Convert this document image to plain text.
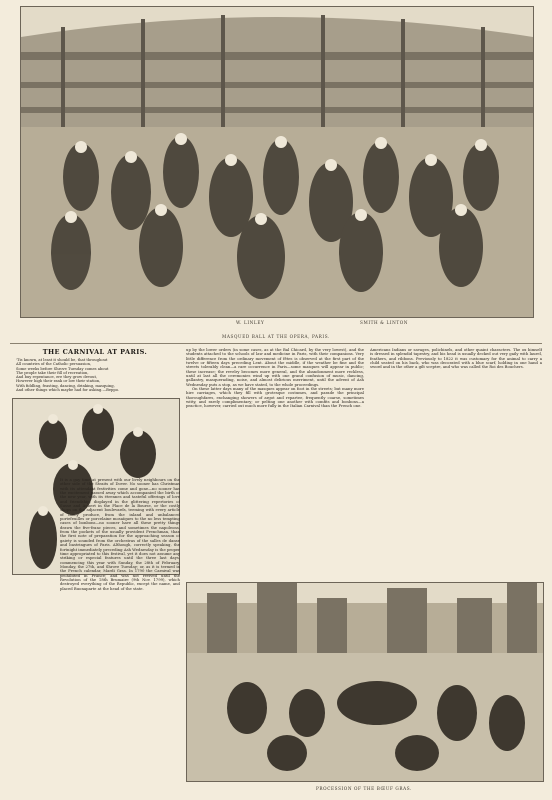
W. LINLEY	SMITH & LINTON
MASQUED BALL AT THE OPERA, PARIS.
THE CARNIVAL AT PARIS.
'Tis known, at least it should be, that throughout
All countries of the Catholic persuasion,
Some weeks before Shrove Tuesday comes about
The people take their fill of recreation,
And buy repentance, ere they grow devout,
However high their rank or low their station,
With fiddling, feasting, dancing, drinking, masquing,
And other things which maybe had for asking.—Beppo.

up by the lower orders (in some cases, as at the Bal Chicard, by the very lowest), and the students attached to the schools of law and medicine in Paris, with their companions. Very little difference from the ordinary movement of fêtes is observed at the first part of the twelve or fifteen days preceding Lent. About the middle, if the weather be fine and the streets tolerably clean—a rare occurrence in Paris—some masques will appear in public; these increase; the revelry becomes more general, and the abandonment more reckless, until at last all the ceremonies wind up with one grand confusion of music, dancing, gallantry, masquerading, noise, and almost delirious merriment, until the advent of Ash Wednesday puts a stop, as we have stated, to the whole proceedings.

On these latter days many of the masques appear on foot in the streets; but many more hire carriages, which they fill with grotesque costumes, and parade the principal thoroughfares, exchanging showers of argot and repartee, frequently coarse, sometimes witty, and rarely complimentary; or pelting one another with comfits and bonbons—a practice, however, carried out much more fully in the Italian Carnival than the French one.

Americans Indians or savages, polichinels, and other quaint characters. The ox himself is dressed in splendid tapestry, and his head is usually decked out very gaily with laurel, feathers, and ribbons. Previously to 1822 it was customary for the animal to carry a child seated on his back, who was decorated with a blue scarf, holding in one hand a sword and in the other a gilt sceptre, and who was called the Roi des Bouchers.

It is a gay time at present with our lively neighbours on the other side of the Straits of Dover. No sooner has Christmas with its attendant festivities come and gone—no sooner has the excitement passed away which accompanied the birth of the new year, with its étrennes and tasteful offerings of love and friendship, displayed in the glittering repertories of Susse and Aubert in the Place de la Bourse, or the costly shops on the adjacent boulevards, teeming with every article of fancy produce, from the inland and unbalanced portefeuilles or porcelaine mosaïques to the no less tempting cases of bonbons—no sooner have all these pretty things drawn the five-franc pieces, and sometimes the napoleons, from the pockets of the usually provident Frenchman, than the first note of preparation for the approaching season of gaiety is sounded from the orchestras of the salles de danse and bastringues of Paris. Although, correctly speaking, the fortnight immediately preceding Ash Wednesday is the proper time appropriated to this festival, yet it does not assume any striking or especial features until the three last days, commencing this year with Sunday, the 28th of February, Monday, the 27th, and Shrove Tuesday; or, as it is termed in the French calendar, Mardi Gras. In 1790 the Carnival was prohibited in France; and was not revived until the Revolution of the 18th Brumaire (9th Nov. 1799), which destroyed everything of the Republic, except the name, and placed Buonaparte at the head of the state.

PROCESSION OF THE BŒUF GRAS.
